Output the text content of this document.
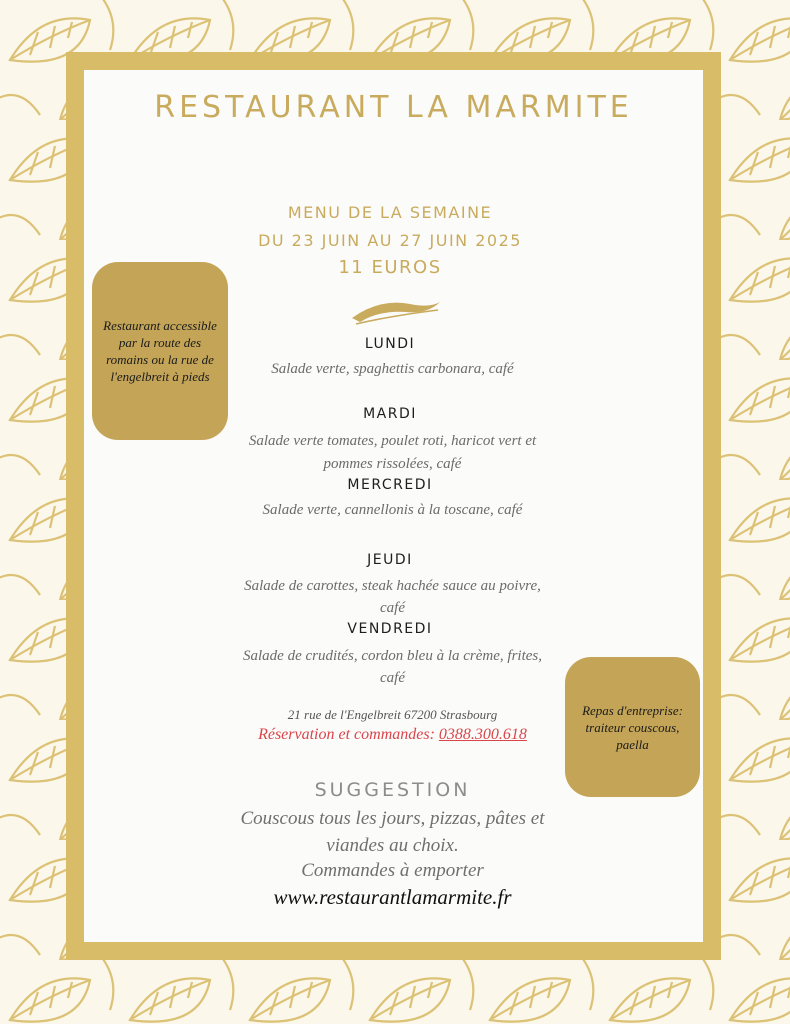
RESTAURANT LA MARMITE
MENU DE LA SEMAINE
DU 23 JUIN AU 27 JUIN 2025
11 EUROS
LUNDI
Salade verte, spaghettis carbonara, café
MARDI
Salade verte tomates, poulet roti, haricot vert et
pommes rissolées, café
MERCREDI
Salade verte, cannellonis à la toscane, café
JEUDI
Salade de carottes, steak hachée sauce au poivre,
café
VENDREDI
Salade de crudités, cordon bleu à la crème, frites,
café
Restaurant accessible par la route des romains ou la rue de l'engelbreit à pieds
Repas d'entreprise: traiteur couscous, paella
21 rue de l'Engelbreit 67200 Strasbourg
Réservation et commandes: 0388.300.618
SUGGESTION
Couscous tous les jours, pizzas, pâtes et
viandes au choix.
Commandes à emporter
www.restaurantlamarmite.fr
